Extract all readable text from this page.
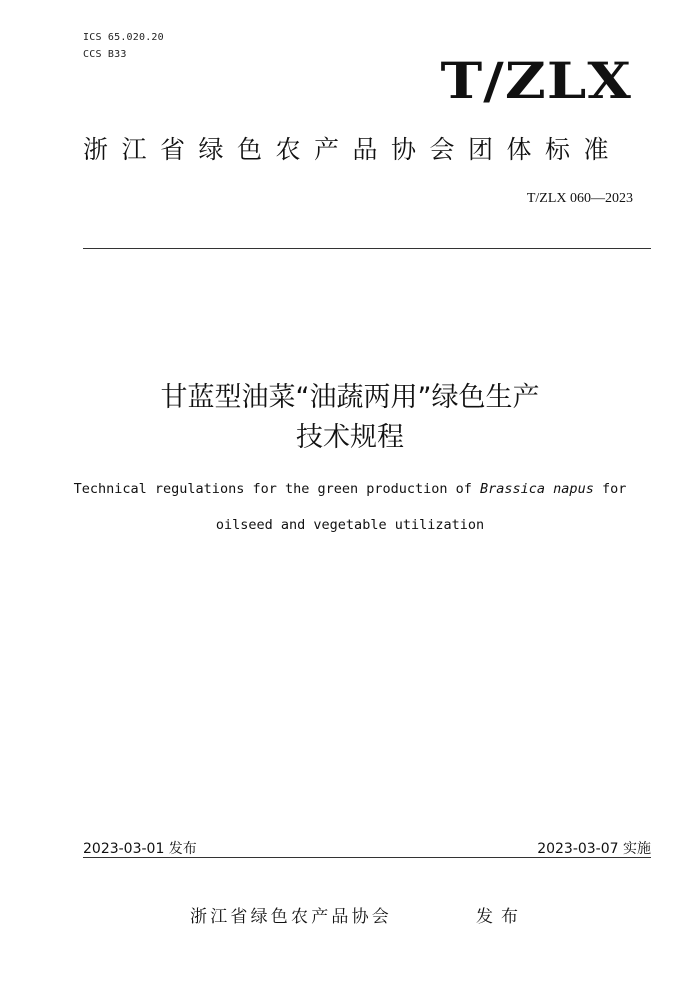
ICS 65.020.20
CCS B33	T/ZLX
浙江省绿色农产品协会团体标准
T/ZLX 060—2023
甘蓝型油菜“油蔬两用”绿色生产
技术规程
Technical regulations for the green production of Brassica napus for
oilseed and vegetable utilization
2023-03-01 发布	2023-03-07 实施
浙江省绿色农产品协会	发布
